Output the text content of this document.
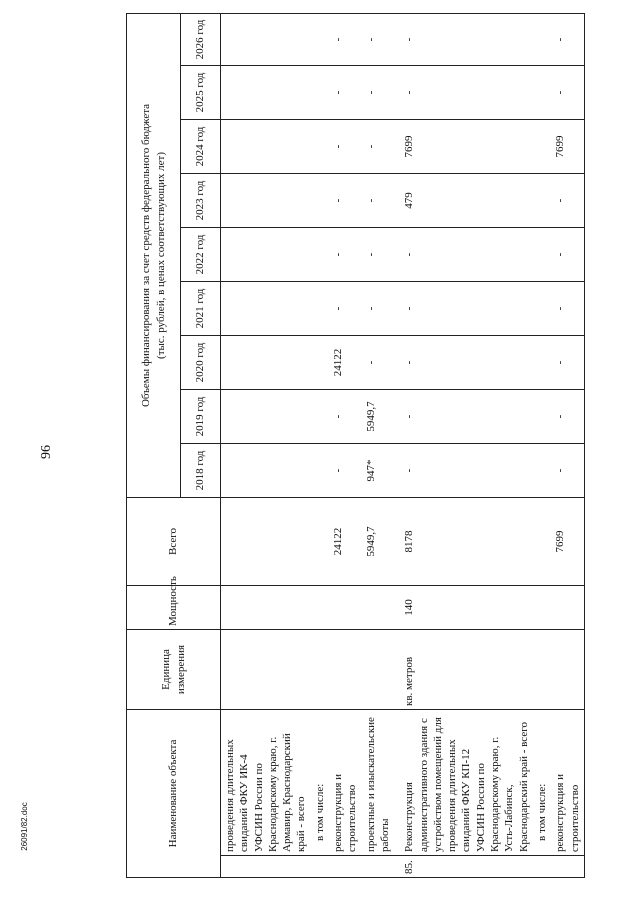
96
26091/82.doc	Наименование объекта		Единица измерения	Мощность	Всего	Объемы финансирования за счет средств федерального бюджета (тыс. рублей, в ценах соответствующих лет)								
					2018 год	2019 год	2020 год	2021 год	2022 год	2023 год	2024 год	2025 год	2026 год
	проведения длительных свиданий ФКУ ИК-4 УФСИН России по Краснодарскому краю, г. Армавир, Краснодарский край - всего												
	в том числе:												
	реконструкция и строительство			24122	-	-	24122	-	-	-	-	-	-
	проектные и изыскательские работы			5949,7	947*	5949,7	-	-	-	-	-	-	-
85.	Реконструкция административного здания с устройством помещений для проведения длительных свиданий ФКУ КП-12 УФСИН России по Краснодарскому краю, г. Усть-Лабинск, Краснодарский край - всего	кв. метров	140	8178	-	-	-	-	-	479	7699	-	-
	в том числе:												
	реконструкция и строительство			7699	-	-	-	-	-	-	7699	-	-
